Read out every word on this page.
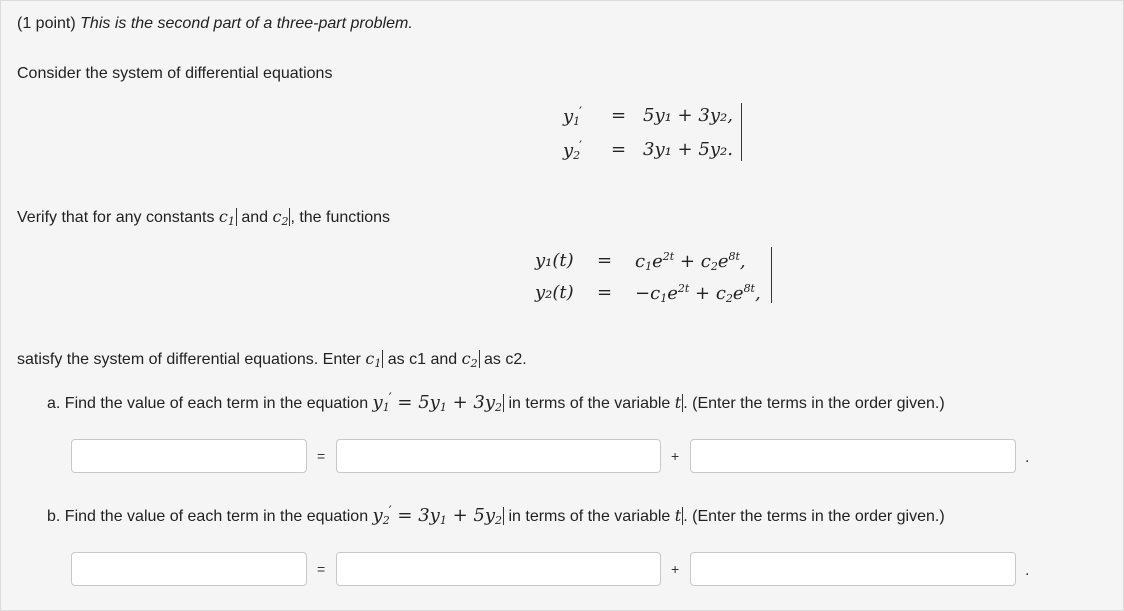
(1 point) This is the second part of a three-part problem.
Consider the system of differential equations
$y_1' = 5y_1 + 3y_2$,
$y_2' = 3y_1 + 5y_2$.
Verify that for any constants $c_1$ and $c_2$ , the functions
$y_1(t) = c_1e^{2t} + c_2e^{8t}$,
$y_2(t) = -c_1e^{2t} + c_2e^{8t}$,
satisfy the system of differential equations. Enter $c_1$ as c1 and $c_2$ as c2.
a. Find the value of each term in the equation $y_1' = 5y_1 + 3y_2$ in terms of the variable t . (Enter the terms in the order given.)
=	+	.
b. Find the value of each term in the equation $y_2' = 3y_1 + 5y_2$ in terms of the variable t . (Enter the terms in the order given.)
=	+	.
